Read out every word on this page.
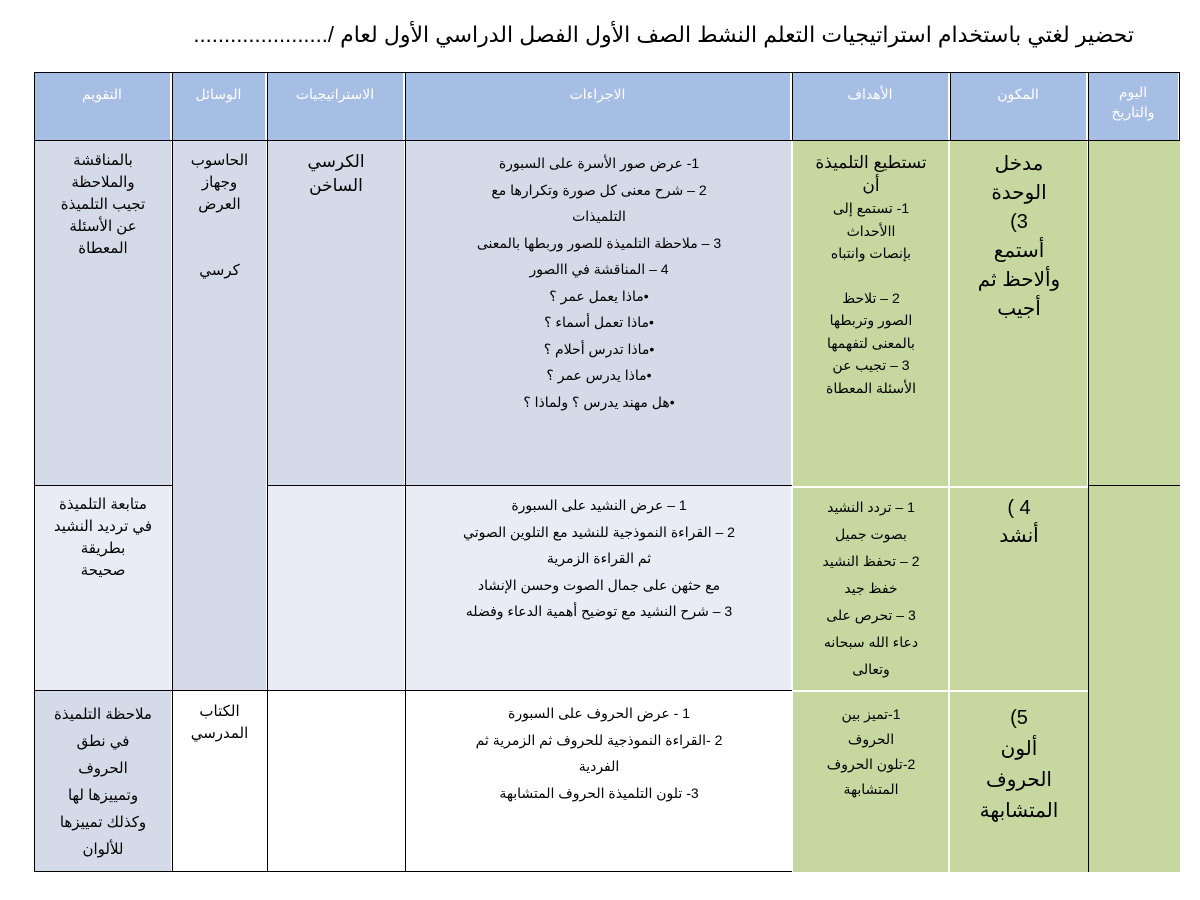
تحضير لغتي باستخدام استراتيجيات التعلم النشط الصف الأول الفصل الدراسي الأول لعام /......................
اليوم
والتاريخ
المكون
الأهداف
الاجراءات
الاستراتيجيات
الوسائل
التقويم
مدخل
الوحدة
3)
أستمع
وألاحظ ثم
أجيب
تستطيع التلميذة
أن
1- تستمع إلى
االأحداث
بإنصات وانتباه
2 – تلاحظ
الصور وتربطها
بالمعنى لتفهمها
3 – تجيب عن
الأسئلة المعطاة
1- عرض صور الأسرة على السبورة
2 – شرح معنى كل صورة وتكرارها مع
التلميذات
3 – ملاحظة التلميذة للصور وربطها بالمعنى
4 – المناقشة في االصور
•ماذا يعمل عمر ؟
•ماذا تعمل أسماء ؟
•ماذا تدرس أحلام ؟
•ماذا يدرس عمر ؟
•هل مهند يدرس ؟ ولماذا ؟
الكرسي
الساخن
الحاسوب
وجهاز
العرض
كرسي
بالمناقشة
والملاحظة
تجيب التلميذة
عن الأسئلة
المعطاة
4 )
أنشد
1 – تردد النشيد
بصوت جميل
2 – تحفظ النشيد
خفظ جيد
3 – تحرص على
دعاء الله سبحانه
وتعالى
1 – عرض النشيد على السبورة
2 – القراءة النموذجية للنشيد مع التلوين الصوتي
ثم القراءة الزمرية
مع حثهن على جمال الصوت وحسن الإنشاد
3 – شرح النشيد مع توضيح أهمية الدعاء وفضله
متابعة التلميذة
في ترديد النشيد
بطريقة
صحيحة
5)
ألون
الحروف
المتشابهة
1-تميز بين
الحروف
2-تلون الحروف
المتشابهة
1 - عرض الحروف على السبورة
2 -القراءة النموذجية للحروف ثم الزمرية ثم
الفردية
3- تلون التلميذة الحروف المتشابهة
الكتاب
المدرسي
ملاحظة التلميذة
في نطق
الحروف
وتمييزها لها
وكذلك تمييزها
للألوان
